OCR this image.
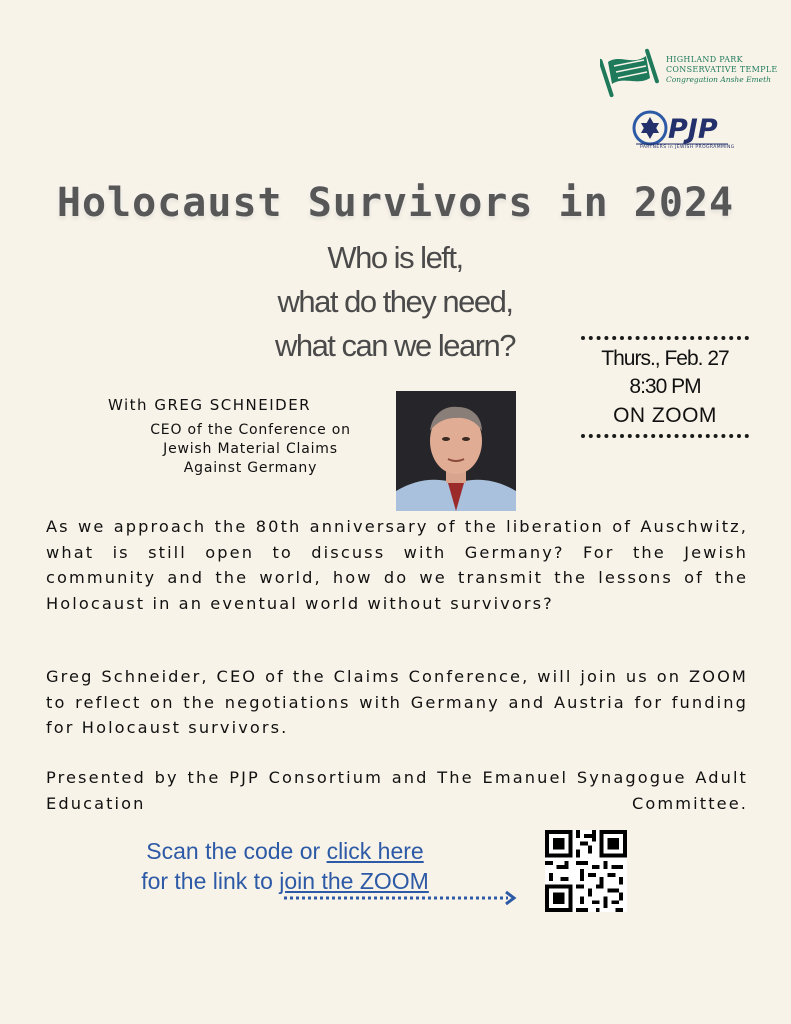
HIGHLAND PARK
CONSERVATIVE TEMPLE
Congregation Anshe Emeth
PJP
PARTNERS in JEWISH PROGRAMMING
Holocaust Survivors in 2024
Who is left,
what do they need,
what can we learn?	Thurs., Feb. 27
8:30 PM
ON ZOOM
With GREG SCHNEIDER
CEO of the Conference on
Jewish Material Claims
Against Germany
As we approach the 80th anniversary of the liberation of Auschwitz, what is still open to discuss with Germany? For the Jewish community and the world, how do we transmit the lessons of the Holocaust in an eventual world without survivors?
Greg Schneider, CEO of the Claims Conference, will join us on ZOOM to reflect on the negotiations with Germany and Austria for funding for Holocaust survivors.
Presented by the PJP Consortium and The Emanuel Synagogue Adult Education Committee.
Scan the code or click here
for the link to join the ZOOM
